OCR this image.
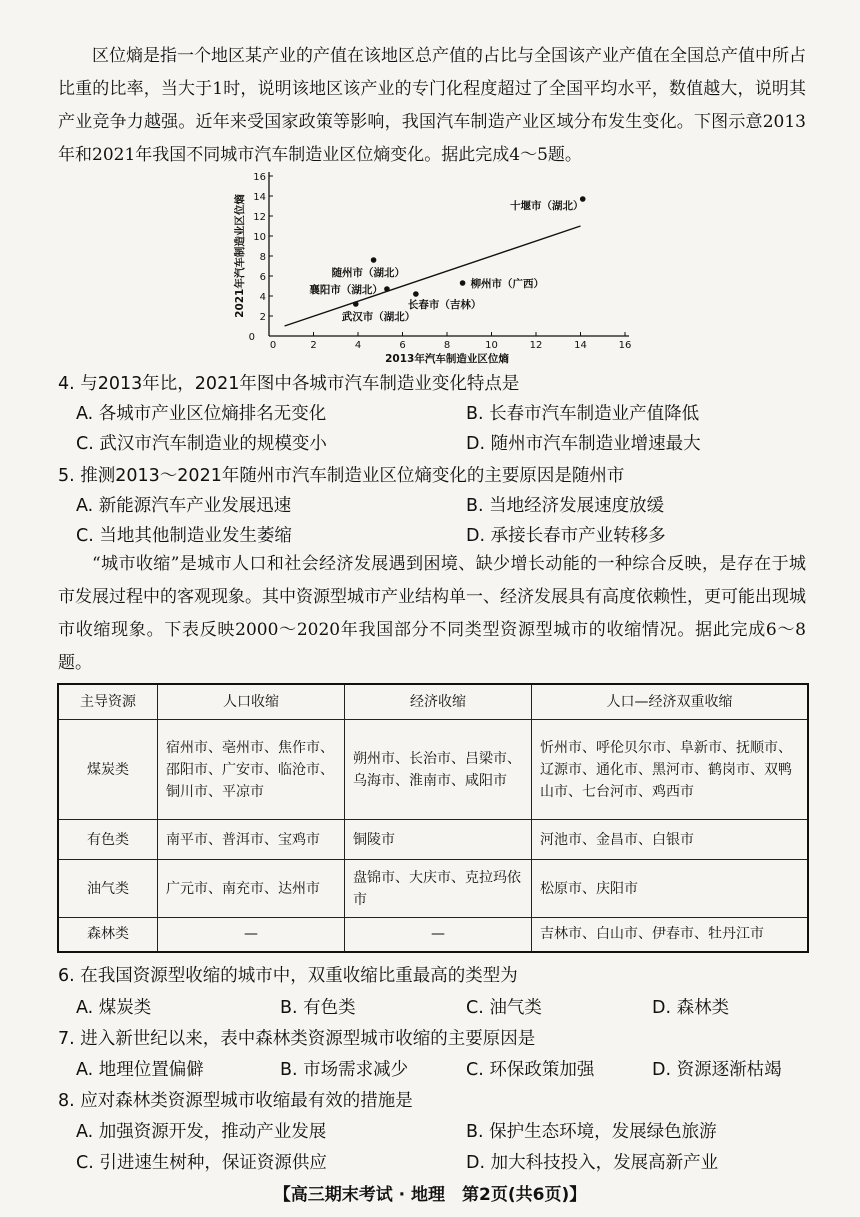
区位熵是指一个地区某产业的产值在该地区总产值的占比与全国该产业产值在全国总产值中所占比重的比率，当大于1时，说明该地区该产业的专门化程度超过了全国平均水平，数值越大，说明其产业竞争力越强。近年来受国家政策等影响，我国汽车制造产业区域分布发生变化。下图示意2013年和2021年我国不同城市汽车制造业区位熵变化。据此完成4～5题。

0	2	4	6	8	10	12	14	16
0
2
4
6
8
10
12
14
16
2013年汽车制造业区位熵
2021年汽车制造业区位熵	十堰市（湖北）
随州市（湖北）
襄阳市（湖北）	柳州市（广西）
长春市（吉林）
武汉市（湖北）

4. 与2013年比，2021年图中各城市汽车制造业变化特点是

A. 各城市产业区位熵排名无变化	B. 长春市汽车制造业产值降低

C. 武汉市汽车制造业的规模变小	D. 随州市汽车制造业增速最大

5. 推测2013～2021年随州市汽车制造业区位熵变化的主要原因是随州市

A. 新能源汽车产业发展迅速	B. 当地经济发展速度放缓

C. 当地其他制造业发生萎缩	D. 承接长春市产业转移多

“城市收缩”是城市人口和社会经济发展遇到困境、缺少增长动能的一种综合反映，是存在于城市发展过程中的客观现象。其中资源型城市产业结构单一、经济发展具有高度依赖性，更可能出现城市收缩现象。下表反映2000～2020年我国部分不同类型资源型城市的收缩情况。据此完成6～8题。

主导资源	人口收缩	经济收缩	人口—经济双重收缩
煤炭类	宿州市、亳州市、焦作市、邵阳市、广安市、临沧市、铜川市、平凉市	朔州市、长治市、吕梁市、乌海市、淮南市、咸阳市	忻州市、呼伦贝尔市、阜新市、抚顺市、辽源市、通化市、黑河市、鹤岗市、双鸭山市、七台河市、鸡西市
有色类	南平市、普洱市、宝鸡市	铜陵市	河池市、金昌市、白银市
油气类	广元市、南充市、达州市	盘锦市、大庆市、克拉玛依市	松原市、庆阳市
森林类	—	—	吉林市、白山市、伊春市、牡丹江市

6. 在我国资源型收缩的城市中，双重收缩比重最高的类型为

A. 煤炭类	B. 有色类	C. 油气类	D. 森林类

7. 进入新世纪以来，表中森林类资源型城市收缩的主要原因是

A. 地理位置偏僻	B. 市场需求减少	C. 环保政策加强	D. 资源逐渐枯竭

8. 应对森林类资源型城市收缩最有效的措施是

A. 加强资源开发，推动产业发展	B. 保护生态环境，发展绿色旅游

C. 引进速生树种，保证资源供应	D. 加大科技投入，发展高新产业

【高三期末考试 · 地理　第2页(共6页)】
